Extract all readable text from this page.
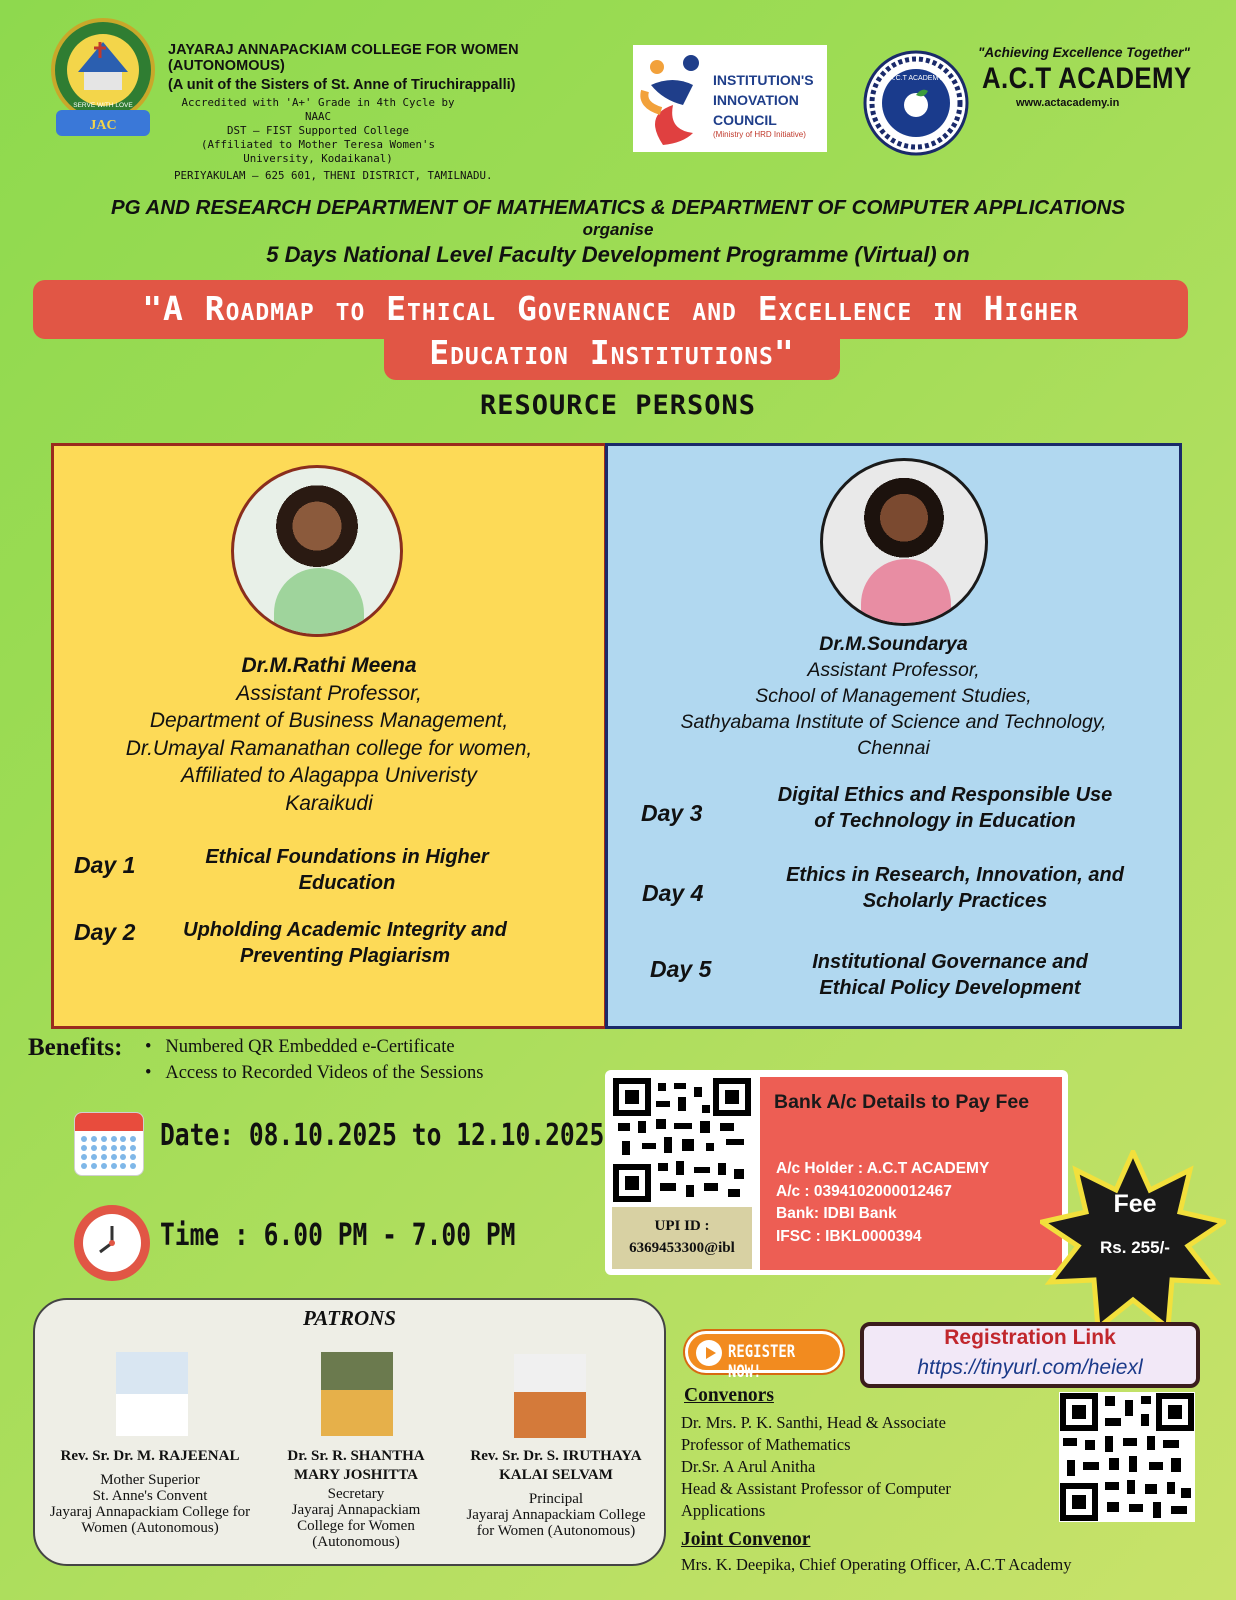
JAC
SERVE WITH LOVE
JAYARAJ ANNAPACKIAM COLLEGE FOR WOMEN (AUTONOMOUS)
(A unit of the Sisters of St. Anne of Tiruchirappalli)
Accredited with 'A+' Grade in 4th Cycle by NAAC
DST – FIST Supported College
(Affiliated to Mother Teresa Women's University, Kodaikanal)
PERIYAKULAM – 625 601, THENI DISTRICT, TAMILNADU.
INSTITUTION'S
INNOVATION
COUNCIL
(Ministry of HRD Initiative)
A.C.T ACADEMY
"Achieving Excellence Together"
A.C.T ACADEMY
www.actacademy.in
PG AND RESEARCH DEPARTMENT OF MATHEMATICS & DEPARTMENT OF COMPUTER APPLICATIONS
organise
5 Days National Level Faculty Development Programme (Virtual) on
"A Roadmap to Ethical Governance and Excellence in Higher
Education Institutions"
RESOURCE PERSONS
Dr.M.Rathi Meena
Assistant Professor,
Department of Business Management,
Dr.Umayal Ramanathan college for women,
Affiliated to Alagappa Univeristy
Karaikudi
Day 1	Ethical Foundations in Higher Education
Day 2	Upholding Academic Integrity and Preventing Plagiarism
Dr.M.Soundarya
Assistant Professor,
School of Management Studies,
Sathyabama Institute of Science and Technology,
Chennai
Day 3
Digital Ethics and Responsible Use of Technology in Education
Day 4
Ethics in Research, Innovation, and Scholarly Practices
Day 5	Institutional Governance and Ethical Policy Development
Benefits: •   Numbered QR Embedded e-Certificate
•   Access to Recorded Videos of the Sessions
Date: 08.10.2025 to 12.10.2025
Time : 6.00 PM - 7.00 PM	UPI ID :
6369453300@ibl
Bank A/c Details to Pay Fee
A/c Holder : A.C.T ACADEMY
A/c : 0394102000012467
Bank: IDBI Bank
IFSC : IBKL0000394
Fee
Rs. 255/-
PATRONS
Rev. Sr. Dr. M. RAJEENAL
Mother Superior
St. Anne's Convent
Jayaraj Annapackiam College for
Women (Autonomous)
Dr. Sr. R. SHANTHA MARY JOSHITTA
Secretary
Jayaraj Annapackiam
College for Women
(Autonomous)
Rev. Sr. Dr. S. IRUTHAYA KALAI SELVAM
Principal
Jayaraj Annapackiam College
for Women (Autonomous)
REGISTER NOW!
Registration Link
https://tinyurl.com/heiexl
Convenors
Dr. Mrs. P. K. Santhi, Head & Associate
Professor of Mathematics
Dr.Sr. A Arul Anitha
Head & Assistant Professor of Computer
Applications
Joint Convenor
Mrs. K. Deepika, Chief Operating Officer, A.C.T Academy
